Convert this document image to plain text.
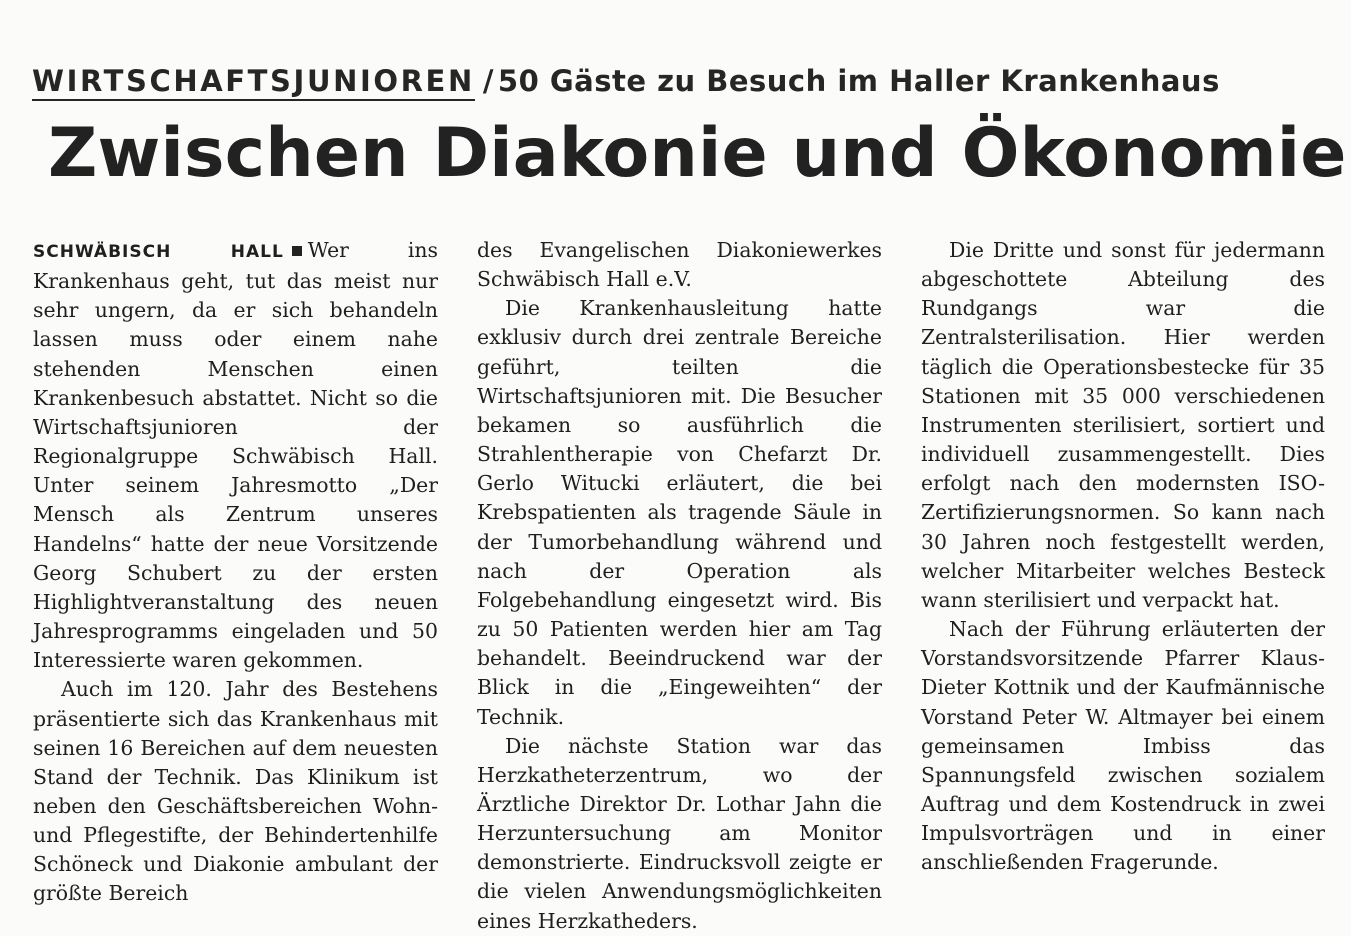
WIRTSCHAFTSJUNIOREN / 50 Gäste zu Besuch im Haller Krankenhaus
Zwischen Diakonie und Ökonomie

SCHWÄBISCH HALL Wer ins Krankenhaus geht, tut das meist nur sehr ungern, da er sich behandeln lassen muss oder einem nahe stehenden Menschen einen Krankenbesuch abstattet. Nicht so die Wirtschaftsjunioren der Regionalgruppe Schwäbisch Hall. Unter seinem Jahresmotto „Der Mensch als Zentrum unseres Handelns“ hatte der neue Vorsitzende Georg Schubert zu der ersten Highlightveranstaltung des neuen Jahresprogramms eingeladen und 50 Interessierte waren gekommen.

Auch im 120. Jahr des Bestehens präsentierte sich das Krankenhaus mit seinen 16 Bereichen auf dem neuesten Stand der Technik. Das Klinikum ist neben den Geschäftsbereichen Wohn- und Pflegestifte, der Behindertenhilfe Schöneck und Diakonie ambulant der größte Bereich

des Evangelischen Diakoniewerkes Schwäbisch Hall e.V.

Die Krankenhausleitung hatte exklusiv durch drei zentrale Bereiche geführt, teilten die Wirtschaftsjunioren mit. Die Besucher bekamen so ausführlich die Strahlentherapie von Chefarzt Dr. Gerlo Witucki erläutert, die bei Krebspatienten als tragende Säule in der Tumorbehandlung während und nach der Operation als Folgebehandlung eingesetzt wird. Bis zu 50 Patienten werden hier am Tag behandelt. Beeindruckend war der Blick in die „Eingeweihten“ der Technik.

Die nächste Station war das Herzkatheterzentrum, wo der Ärztliche Direktor Dr. Lothar Jahn die Herzuntersuchung am Monitor demonstrierte. Eindrucksvoll zeigte er die vielen Anwendungsmöglichkeiten eines Herzkatheders.

Die Dritte und sonst für jedermann abgeschottete Abteilung des Rundgangs war die Zentralsterilisation. Hier werden täglich die Operationsbestecke für 35 Stationen mit 35 000 verschiedenen Instrumenten sterilisiert, sortiert und individuell zusammengestellt. Dies erfolgt nach den modernsten ISO-Zertifizierungsnormen. So kann nach 30 Jahren noch festgestellt werden, welcher Mitarbeiter welches Besteck wann sterilisiert und verpackt hat.

Nach der Führung erläuterten der Vorstandsvorsitzende Pfarrer Klaus-Dieter Kottnik und der Kaufmännische Vorstand Peter W. Altmayer bei einem gemeinsamen Imbiss das Spannungsfeld zwischen sozialem Auftrag und dem Kostendruck in zwei Impulsvorträgen und in einer anschließenden Fragerunde.
